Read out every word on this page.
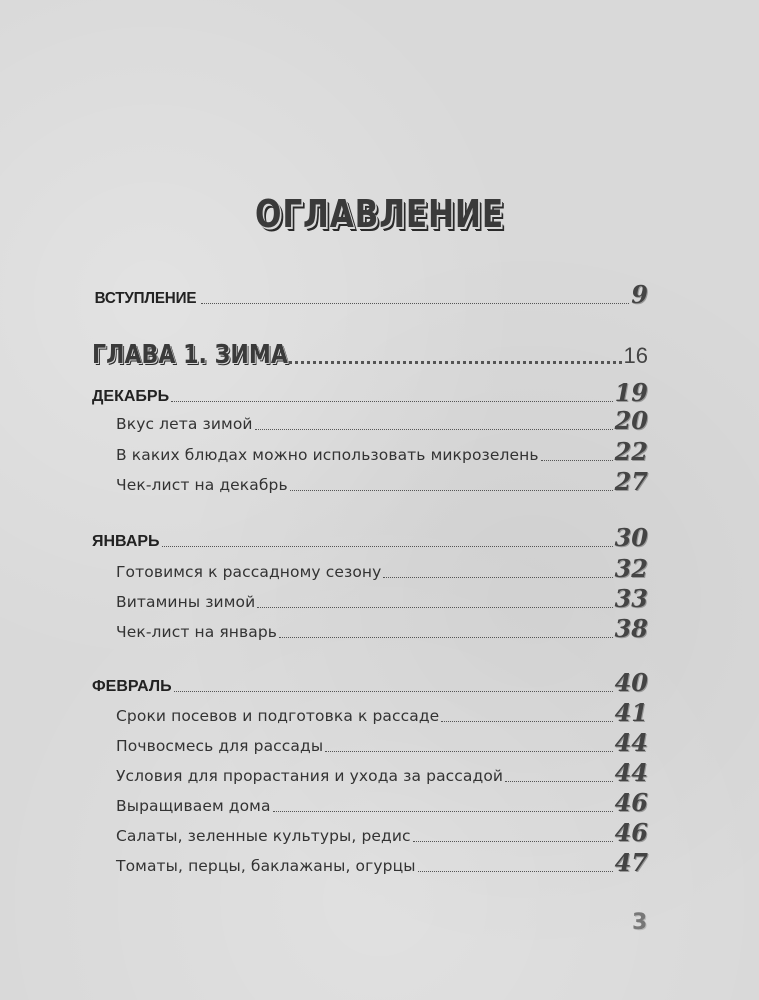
ОГЛАВЛЕНИЕ
ВСТУПЛЕНИЕ	9
ГЛАВА 1. ЗИМА	16
ДЕКАБРЬ	19
Вкус лета зимой	20
В каких блюдах можно использовать микрозелень	22
Чек-лист на декабрь	27
ЯНВАРЬ	30
Готовимся к рассадному сезону	32
Витамины зимой	33
Чек-лист на январь	38
ФЕВРАЛЬ	40
Сроки посевов и подготовка к рассаде	41
Почвосмесь для рассады	44
Условия для прорастания и ухода за рассадой	44
Выращиваем дома	46
Салаты, зеленные культуры, редис	46
Томаты, перцы, баклажаны, огурцы	47
3
